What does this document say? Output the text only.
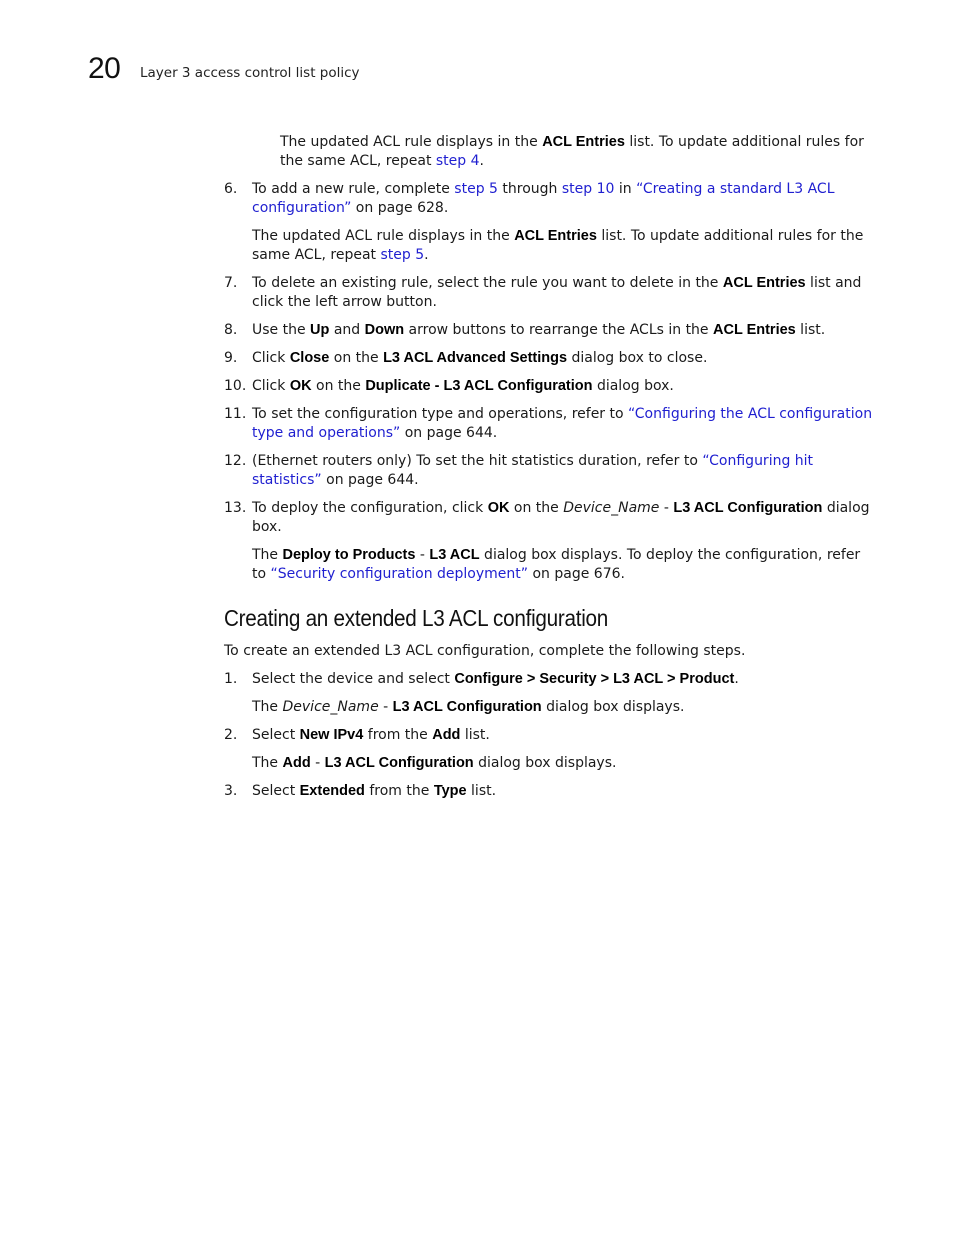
20 Layer 3 access control list policy

The updated ACL rule displays in the ACL Entries list. To update additional rules for the same ACL, repeat step 4.

6.	To add a new rule, complete step 5 through step 10 in “Creating a standard L3 ACL configuration” on page 628.

The updated ACL rule displays in the ACL Entries list. To update additional rules for the same ACL, repeat step 5.

7.	To delete an existing rule, select the rule you want to delete in the ACL Entries list and click the left arrow button.

8.	Use the Up and Down arrow buttons to rearrange the ACLs in the ACL Entries list.

9.	Click Close on the L3 ACL Advanced Settings dialog box to close.

10. Click OK on the Duplicate - L3 ACL Configuration dialog box.

11. To set the configuration type and operations, refer to “Configuring the ACL configuration type and operations” on page 644.

12. (Ethernet routers only) To set the hit statistics duration, refer to “Configuring hit statistics” on page 644.

13. To deploy the configuration, click OK on the Device_Name - L3 ACL Configuration dialog box.

The Deploy to Products - L3 ACL dialog box displays. To deploy the configuration, refer to “Security configuration deployment” on page 676.

Creating an extended L3 ACL configuration

To create an extended L3 ACL configuration, complete the following steps.

1.	Select the device and select Configure > Security > L3 ACL > Product.

The Device_Name - L3 ACL Configuration dialog box displays.

2.	Select New IPv4 from the Add list.

The Add - L3 ACL Configuration dialog box displays.

3.	Select Extended from the Type list.
